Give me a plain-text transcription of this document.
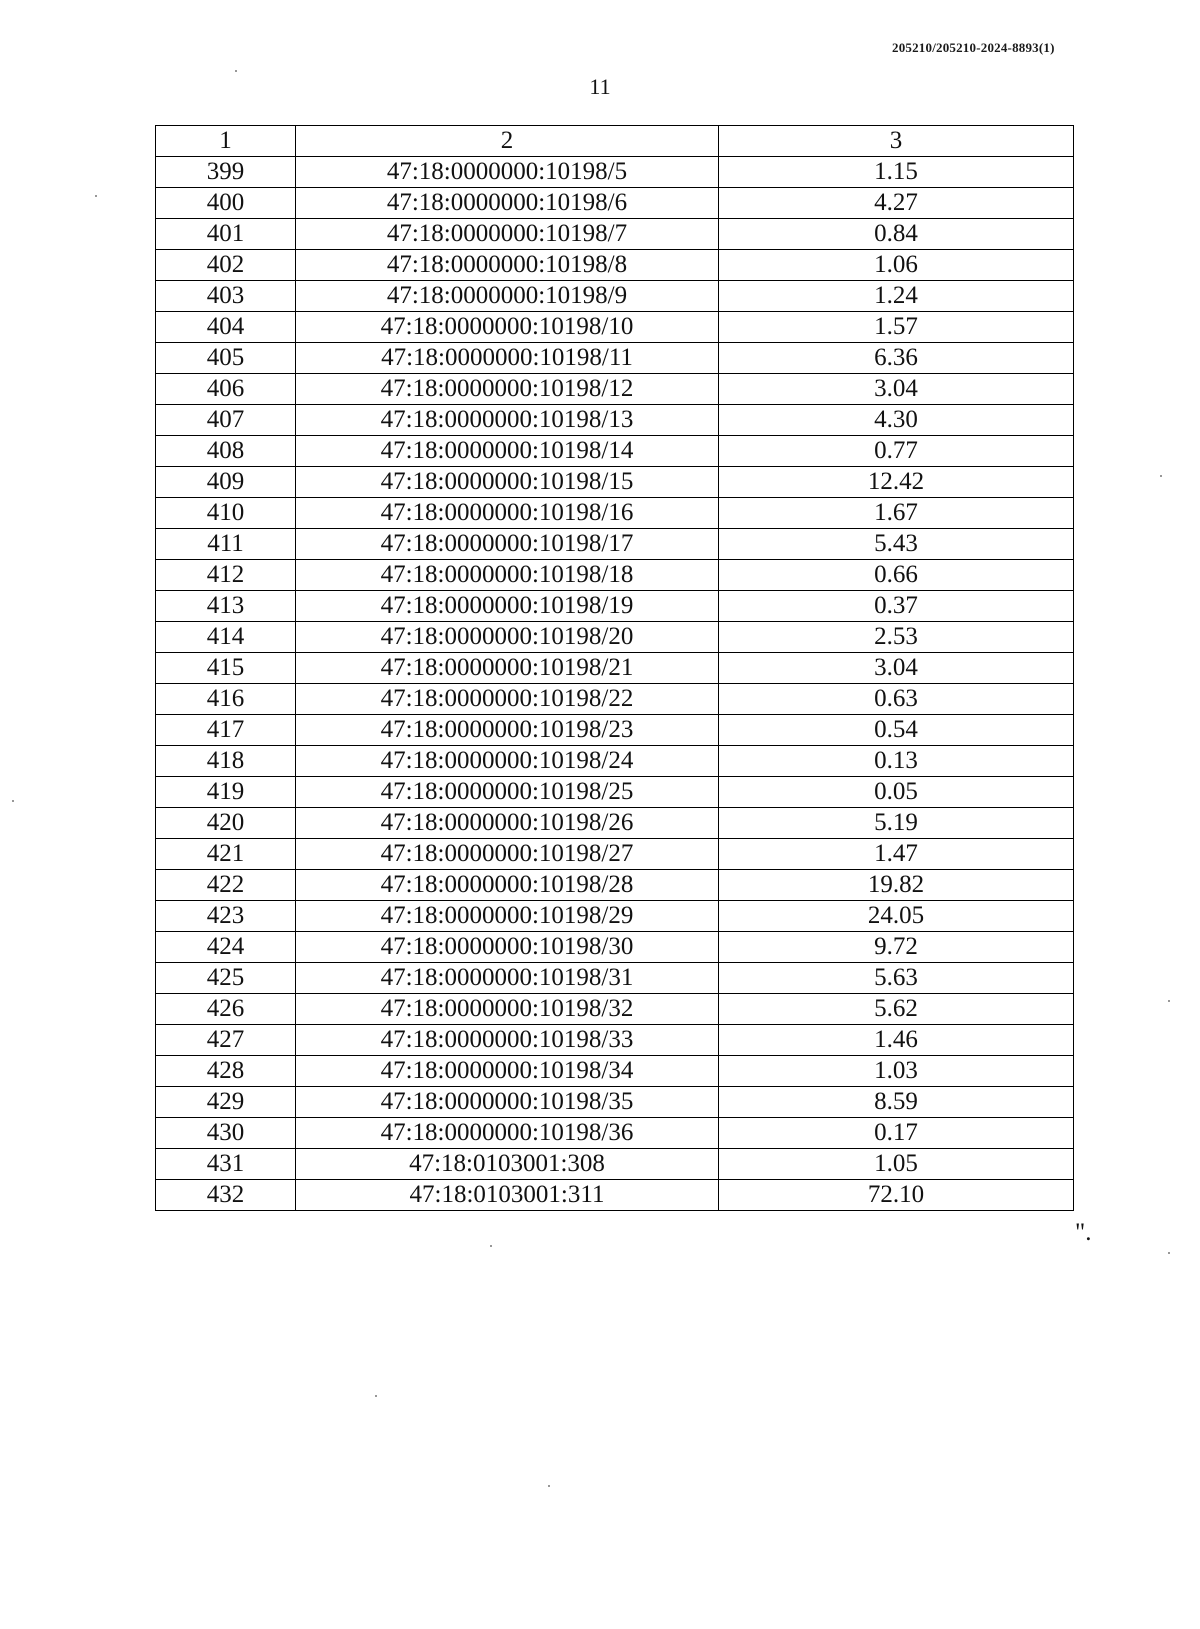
205210/205210-2024-8893(1)
11
1	2	3
399	47:18:0000000:10198/5	1.15
400	47:18:0000000:10198/6	4.27
401	47:18:0000000:10198/7	0.84
402	47:18:0000000:10198/8	1.06
403	47:18:0000000:10198/9	1.24
404	47:18:0000000:10198/10	1.57
405	47:18:0000000:10198/11	6.36
406	47:18:0000000:10198/12	3.04
407	47:18:0000000:10198/13	4.30
408	47:18:0000000:10198/14	0.77
409	47:18:0000000:10198/15	12.42
410	47:18:0000000:10198/16	1.67
411	47:18:0000000:10198/17	5.43
412	47:18:0000000:10198/18	0.66
413	47:18:0000000:10198/19	0.37
414	47:18:0000000:10198/20	2.53
415	47:18:0000000:10198/21	3.04
416	47:18:0000000:10198/22	0.63
417	47:18:0000000:10198/23	0.54
418	47:18:0000000:10198/24	0.13
419	47:18:0000000:10198/25	0.05
420	47:18:0000000:10198/26	5.19
421	47:18:0000000:10198/27	1.47
422	47:18:0000000:10198/28	19.82
423	47:18:0000000:10198/29	24.05
424	47:18:0000000:10198/30	9.72
425	47:18:0000000:10198/31	5.63
426	47:18:0000000:10198/32	5.62
427	47:18:0000000:10198/33	1.46
428	47:18:0000000:10198/34	1.03
429	47:18:0000000:10198/35	8.59
430	47:18:0000000:10198/36	0.17
431	47:18:0103001:308	1.05
432	47:18:0103001:311	72.10
".
